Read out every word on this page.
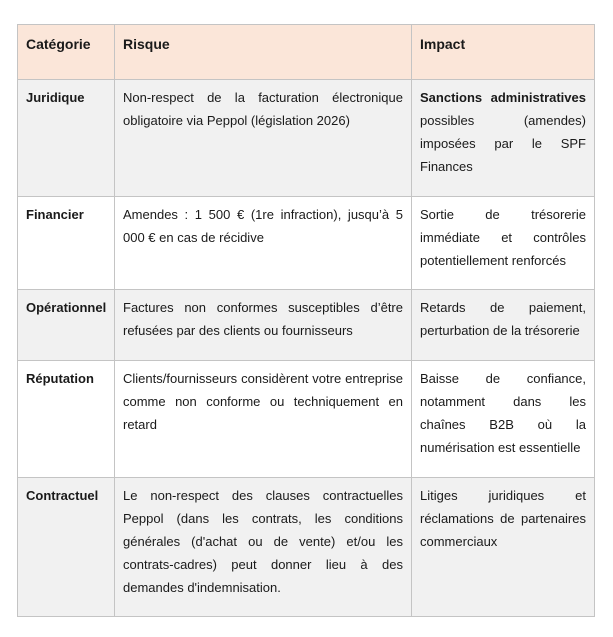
Catégorie	Risque	Impact
Juridique	Non-respect de la facturation électronique obligatoire via Peppol (législation 2026)	Sanctions administratives possibles (amendes) imposées par le SPF Finances
Financier	Amendes : 1 500 € (1re infraction), jusqu’à 5 000 € en cas de récidive	Sortie de trésorerie immédiate et contrôles potentiellement renforcés
Opérationnel	Factures non conformes susceptibles d’être refusées par des clients ou fournisseurs	Retards de paiement, perturbation de la trésorerie
Réputation	Clients/fournisseurs considèrent votre entreprise comme non conforme ou techniquement en retard	Baisse de confiance, notamment dans les chaînes B2B où la numérisation est essentielle
Contractuel	Le non-respect des clauses contractuelles Peppol (dans les contrats, les conditions générales (d'achat ou de vente) et/ou les contrats-cadres) peut donner lieu à des demandes d'indemnisation.	Litiges juridiques et réclamations de partenaires commerciaux
